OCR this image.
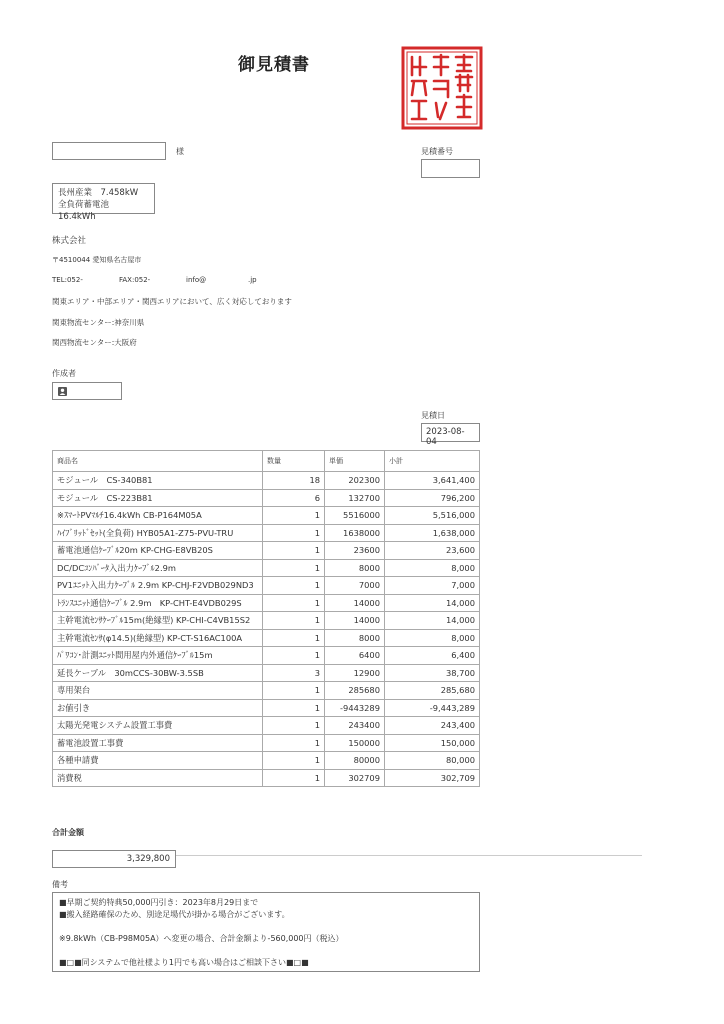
御見積書
様	見積番号
長州産業　7.458kW
全負荷蓄電池 16.4kWh
株式会社
〒4510044 愛知県名古屋市
TEL:052-	FAX:052-	info@	.jp
関東エリア・中部エリア・関西エリアにおいて、広く対応しております
関東物流センター:神奈川県
関西物流センター:大阪府
作成者
見積日
2023-08-04
商品名	数量	単価	小計
モジュール　CS-340B81	18	202300	3,641,400
モジュール　CS-223B81	6	132700	796,200
※ｽﾏｰﾄPVﾏﾙﾁ16.4kWh CB-P164M05A	1	5516000	5,516,000
ﾊｲﾌﾞﾘｯﾄﾞｾｯﾄ(全負荷) HYB05A1-Z75-PVU-TRU	1	1638000	1,638,000
蓄電池通信ｹｰﾌﾞﾙ20m KP-CHG-E8VB20S	1	23600	23,600
DC/DCｺﾝﾊﾞｰﾀ入出力ｹｰﾌﾞﾙ2.9m	1	8000	8,000
PV1ﾕﾆｯﾄ入出力ｹｰﾌﾞﾙ 2.9m KP-CHJ-F2VDB029ND3	1	7000	7,000
ﾄﾗﾝｽﾕﾆｯﾄ通信ｹｰﾌﾞﾙ 2.9m　KP-CHT-E4VDB029S	1	14000	14,000
主幹電流ｾﾝｻｹｰﾌﾞﾙ15m(絶縁型) KP-CHI-C4VB15S2	1	14000	14,000
主幹電流ｾﾝｻ(φ14.5)(絶縁型) KP-CT-S16AC100A	1	8000	8,000
ﾊﾟﾜｺﾝ･計測ﾕﾆｯﾄ間用屋内外通信ｹｰﾌﾞﾙ15m	1	6400	6,400
延長ケーブル　30mCCS-30BW-3.5SB	3	12900	38,700
専用架台	1	285680	285,680
お値引き	1	-9443289	-9,443,289
太陽光発電システム設置工事費	1	243400	243,400
蓄電池設置工事費	1	150000	150,000
各種申請費	1	80000	80,000
消費税	1	302709	302,709
合計金額
3,329,800
備考
■早期ご契約特典50,000円引き：2023年8月29日まで
■搬入経路確保のため、別途足場代が掛かる場合がございます。
※9.8kWh（CB-P98M05A）へ変更の場合、合計金額より-560,000円（税込）
■□■同システムで他社様より1円でも高い場合はご相談下さい■□■
